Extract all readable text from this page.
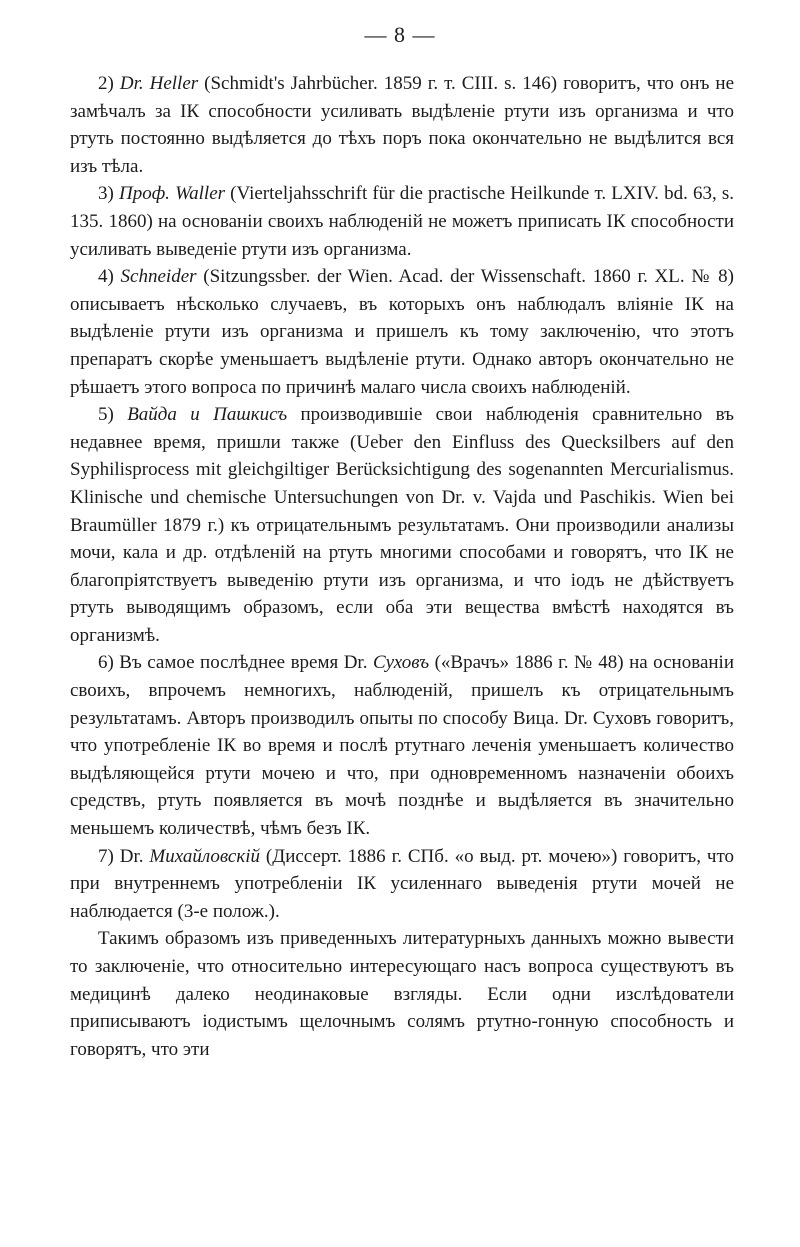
— 8 —

2) Dr. Heller (Schmidt's Jahrbücher. 1859 г. т. CIII. s. 146) говоритъ, что онъ не замѣчалъ за ІК способности усиливать выдѣленіе ртути изъ организма и что ртуть постоянно выдѣляется до тѣхъ поръ пока окончательно не выдѣлится вся изъ тѣла.

3) Проф. Waller (Vierteljahsschrift für die practische Heilkunde т. LXIV. bd. 63, s. 135. 1860) на основаніи своихъ наблюденій не можетъ приписать ІК способности усиливать выведеніе ртути изъ организма.

4) Schneider (Sitzungssber. der Wien. Acad. der Wissenschaft. 1860 г. XL. № 8) описываетъ нѣсколько случаевъ, въ которыхъ онъ наблюдалъ вліяніе ІК на выдѣленіе ртути изъ организма и пришелъ къ тому заключенію, что этотъ препаратъ скорѣе уменьшаетъ выдѣленіе ртути. Однако авторъ окончательно не рѣшаетъ этого вопроса по причинѣ малаго числа своихъ наблюденій.

5) Вайда и Пашкисъ производившіе свои наблюденія сравнительно въ недавнее время, пришли также (Ueber den Einfluss des Quecksilbers auf den Syphilisprocess mit gleichgiltiger Berücksichtigung des sogenannten Mercurialismus. Klinische und chemische Untersuchungen von Dr. v. Vajda und Paschikis. Wien bei Braumüller 1879 г.) къ отрицательнымъ результатамъ. Они производили анализы мочи, кала и др. отдѣленій на ртуть многими способами и говорятъ, что ІК не благопріятствуетъ выведенію ртути изъ организма, и что іодъ не дѣйствуетъ ртуть выводящимъ образомъ, если оба эти вещества вмѣстѣ находятся въ организмѣ.

6) Въ самое послѣднее время Dr. Суховъ («Врачъ» 1886 г. № 48) на основаніи своихъ, впрочемъ немногихъ, наблюденій, пришелъ къ отрицательнымъ результатамъ. Авторъ производилъ опыты по способу Вица. Dr. Суховъ говоритъ, что употребленіе ІК во время и послѣ ртутнаго леченія уменьшаетъ количество выдѣляющейся ртути мочею и что, при одновременномъ назначеніи обоихъ средствъ, ртуть появляется въ мочѣ позднѣе и выдѣляется въ значительно меньшемъ количествѣ, чѣмъ безъ ІК.

7) Dr. Михайловскій (Диссерт. 1886 г. СПб. «о выд. рт. мочею») говоритъ, что при внутреннемъ употребленіи ІК усиленнаго выведенія ртути мочей не наблюдается (3-е полож.).

Такимъ образомъ изъ приведенныхъ литературныхъ данныхъ можно вывести то заключеніе, что относительно интересующаго насъ вопроса существуютъ въ медицинѣ далеко неодинаковые взгляды. Если одни изслѣдователи приписываютъ іодистымъ щелочнымъ солямъ ртутно-гонную способность и говорятъ, что эти
